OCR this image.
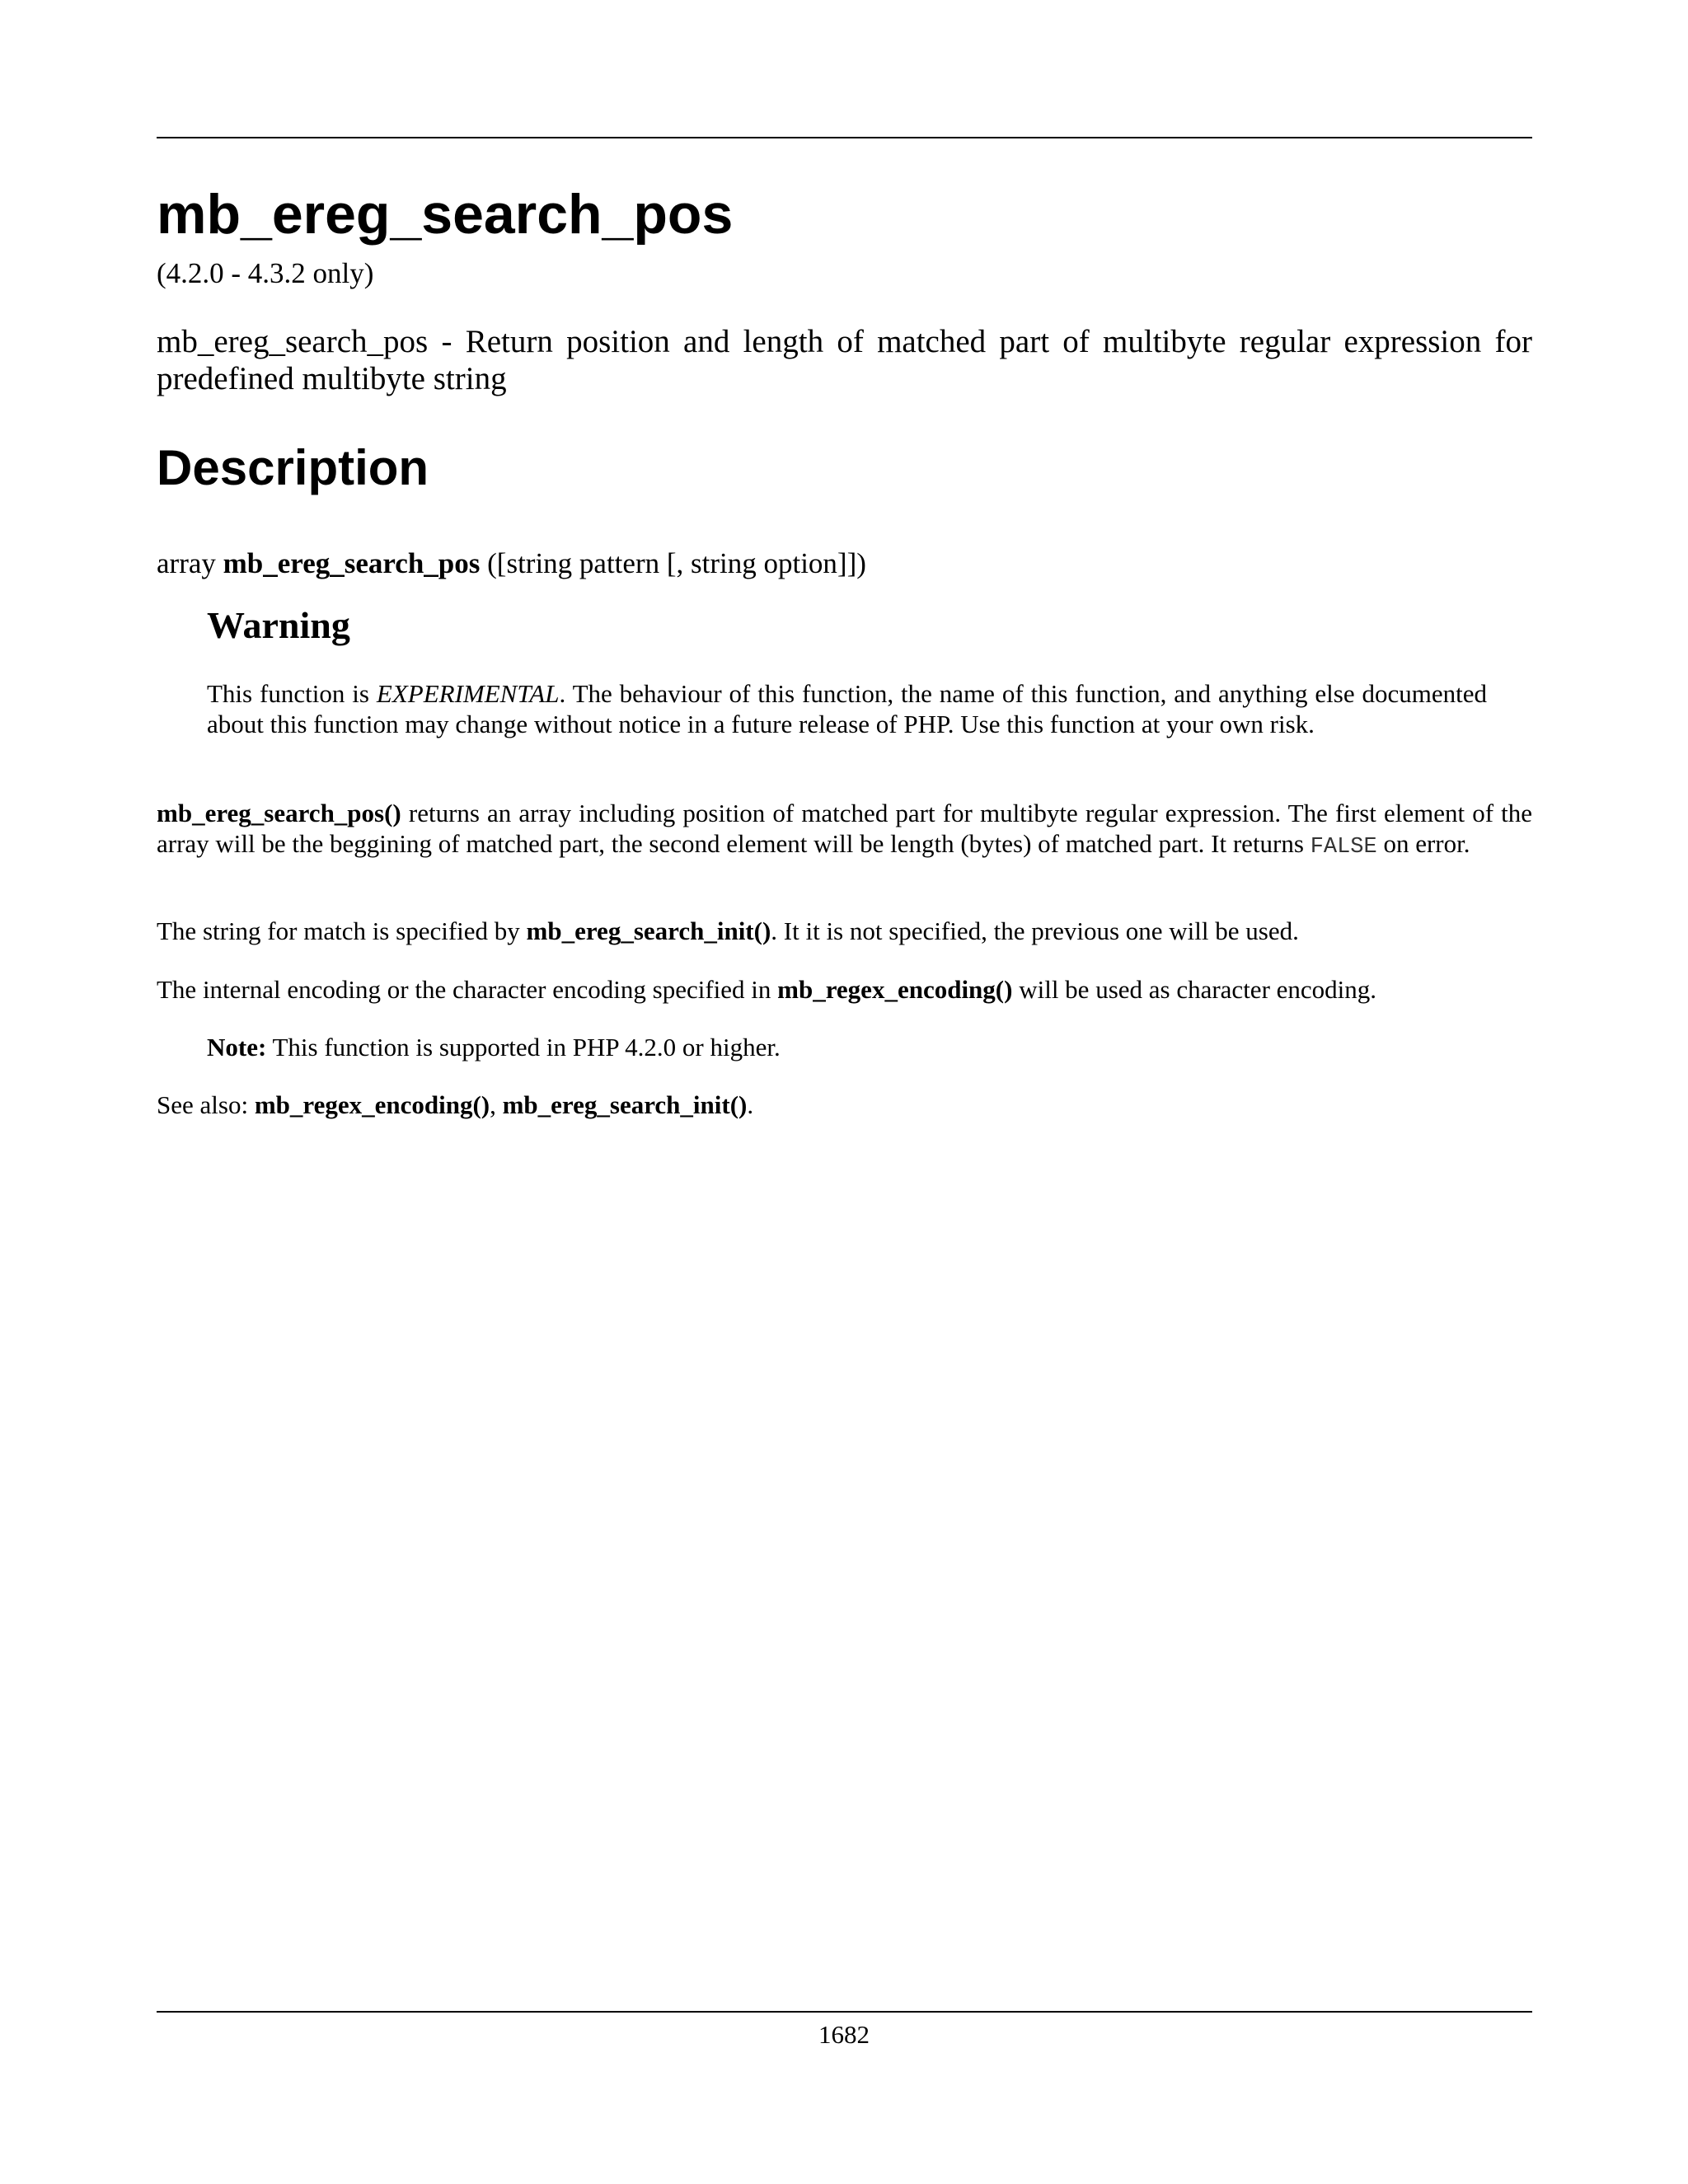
mb_ereg_search_pos
(4.2.0 - 4.3.2 only)
mb_ereg_search_pos - Return position and length of matched part of multibyte regular expression for predefined multibyte string
Description
array mb_ereg_search_pos ([string pattern [, string option]])
Warning
This function is EXPERIMENTAL. The behaviour of this function, the name of this function, and anything else documented about this function may change without notice in a future release of PHP. Use this function at your own risk.
mb_ereg_search_pos() returns an array including position of matched part for multibyte regular expression. The first element of the array will be the beggining of matched part, the second element will be length (bytes) of matched part. It returns FALSE on error.
The string for match is specified by mb_ereg_search_init(). It it is not specified, the previous one will be used.
The internal encoding or the character encoding specified in mb_regex_encoding() will be used as character encoding.
Note: This function is supported in PHP 4.2.0 or higher.
See also: mb_regex_encoding(), mb_ereg_search_init().
1682
